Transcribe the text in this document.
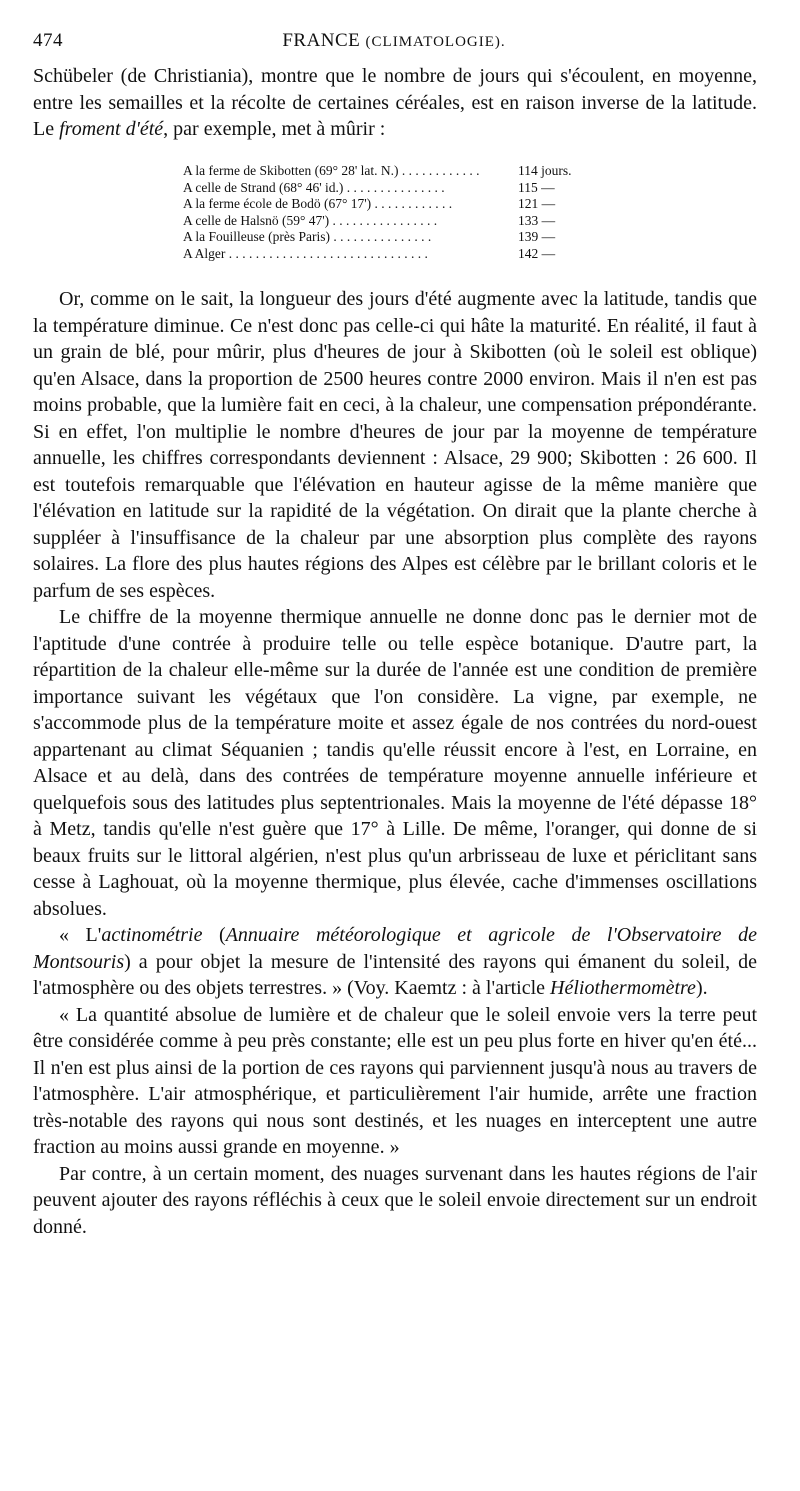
474	FRANCE (CLIMATOLOGIE).

Schübeler (de Christiania), montre que le nombre de jours qui s'écoulent, en moyenne, entre les semailles et la récolte de certaines céréales, est en raison inverse de la latitude. Le froment d'été, par exemple, met à mûrir :

A la ferme de Skibotten (69° 28' lat. N.) . . . . . . . . . . . .	114 jours.
A celle de Strand (68° 46' id.) . . . . . . . . . . . . . . .	115 —
A la ferme école de Bodö (67° 17') . . . . . . . . . . . .	121 —
A celle de Halsnö (59° 47') . . . . . . . . . . . . . . . .	133 —
A la Fouilleuse (près Paris) . . . . . . . . . . . . . . .	139 —
A Alger . . . . . . . . . . . . . . . . . . . . . . . . . . . . . .	142 —

Or, comme on le sait, la longueur des jours d'été augmente avec la latitude, tandis que la température diminue. Ce n'est donc pas celle-ci qui hâte la maturité. En réalité, il faut à un grain de blé, pour mûrir, plus d'heures de jour à Skibotten (où le soleil est oblique) qu'en Alsace, dans la proportion de 2500 heures contre 2000 environ. Mais il n'en est pas moins probable, que la lumière fait en ceci, à la chaleur, une compensation prépondérante. Si en effet, l'on multiplie le nombre d'heures de jour par la moyenne de température annuelle, les chiffres correspondants deviennent : Alsace, 29 900; Skibotten : 26 600. Il est toutefois remarquable que l'élévation en hauteur agisse de la même manière que l'élévation en latitude sur la rapidité de la végétation. On dirait que la plante cherche à suppléer à l'insuffisance de la chaleur par une absorption plus complète des rayons solaires. La flore des plus hautes régions des Alpes est célèbre par le brillant coloris et le parfum de ses espèces.

Le chiffre de la moyenne thermique annuelle ne donne donc pas le dernier mot de l'aptitude d'une contrée à produire telle ou telle espèce botanique. D'autre part, la répartition de la chaleur elle-même sur la durée de l'année est une condition de première importance suivant les végétaux que l'on considère. La vigne, par exemple, ne s'accommode plus de la température moite et assez égale de nos contrées du nord-ouest appartenant au climat Séquanien ; tandis qu'elle réussit encore à l'est, en Lorraine, en Alsace et au delà, dans des contrées de température moyenne annuelle inférieure et quelquefois sous des latitudes plus septentrionales. Mais la moyenne de l'été dépasse 18° à Metz, tandis qu'elle n'est guère que 17° à Lille. De même, l'oranger, qui donne de si beaux fruits sur le littoral algérien, n'est plus qu'un arbrisseau de luxe et périclitant sans cesse à Laghouat, où la moyenne thermique, plus élevée, cache d'immenses oscillations absolues.

« L'actinométrie (Annuaire météorologique et agricole de l'Observatoire de Montsouris) a pour objet la mesure de l'intensité des rayons qui émanent du soleil, de l'atmosphère ou des objets terrestres. » (Voy. Kaemtz : à l'article Héliothermomètre).

« La quantité absolue de lumière et de chaleur que le soleil envoie vers la terre peut être considérée comme à peu près constante; elle est un peu plus forte en hiver qu'en été... Il n'en est plus ainsi de la portion de ces rayons qui parviennent jusqu'à nous au travers de l'atmosphère. L'air atmosphérique, et particulièrement l'air humide, arrête une fraction très-notable des rayons qui nous sont destinés, et les nuages en interceptent une autre fraction au moins aussi grande en moyenne. »

Par contre, à un certain moment, des nuages survenant dans les hautes régions de l'air peuvent ajouter des rayons réfléchis à ceux que le soleil envoie directement sur un endroit donné.
